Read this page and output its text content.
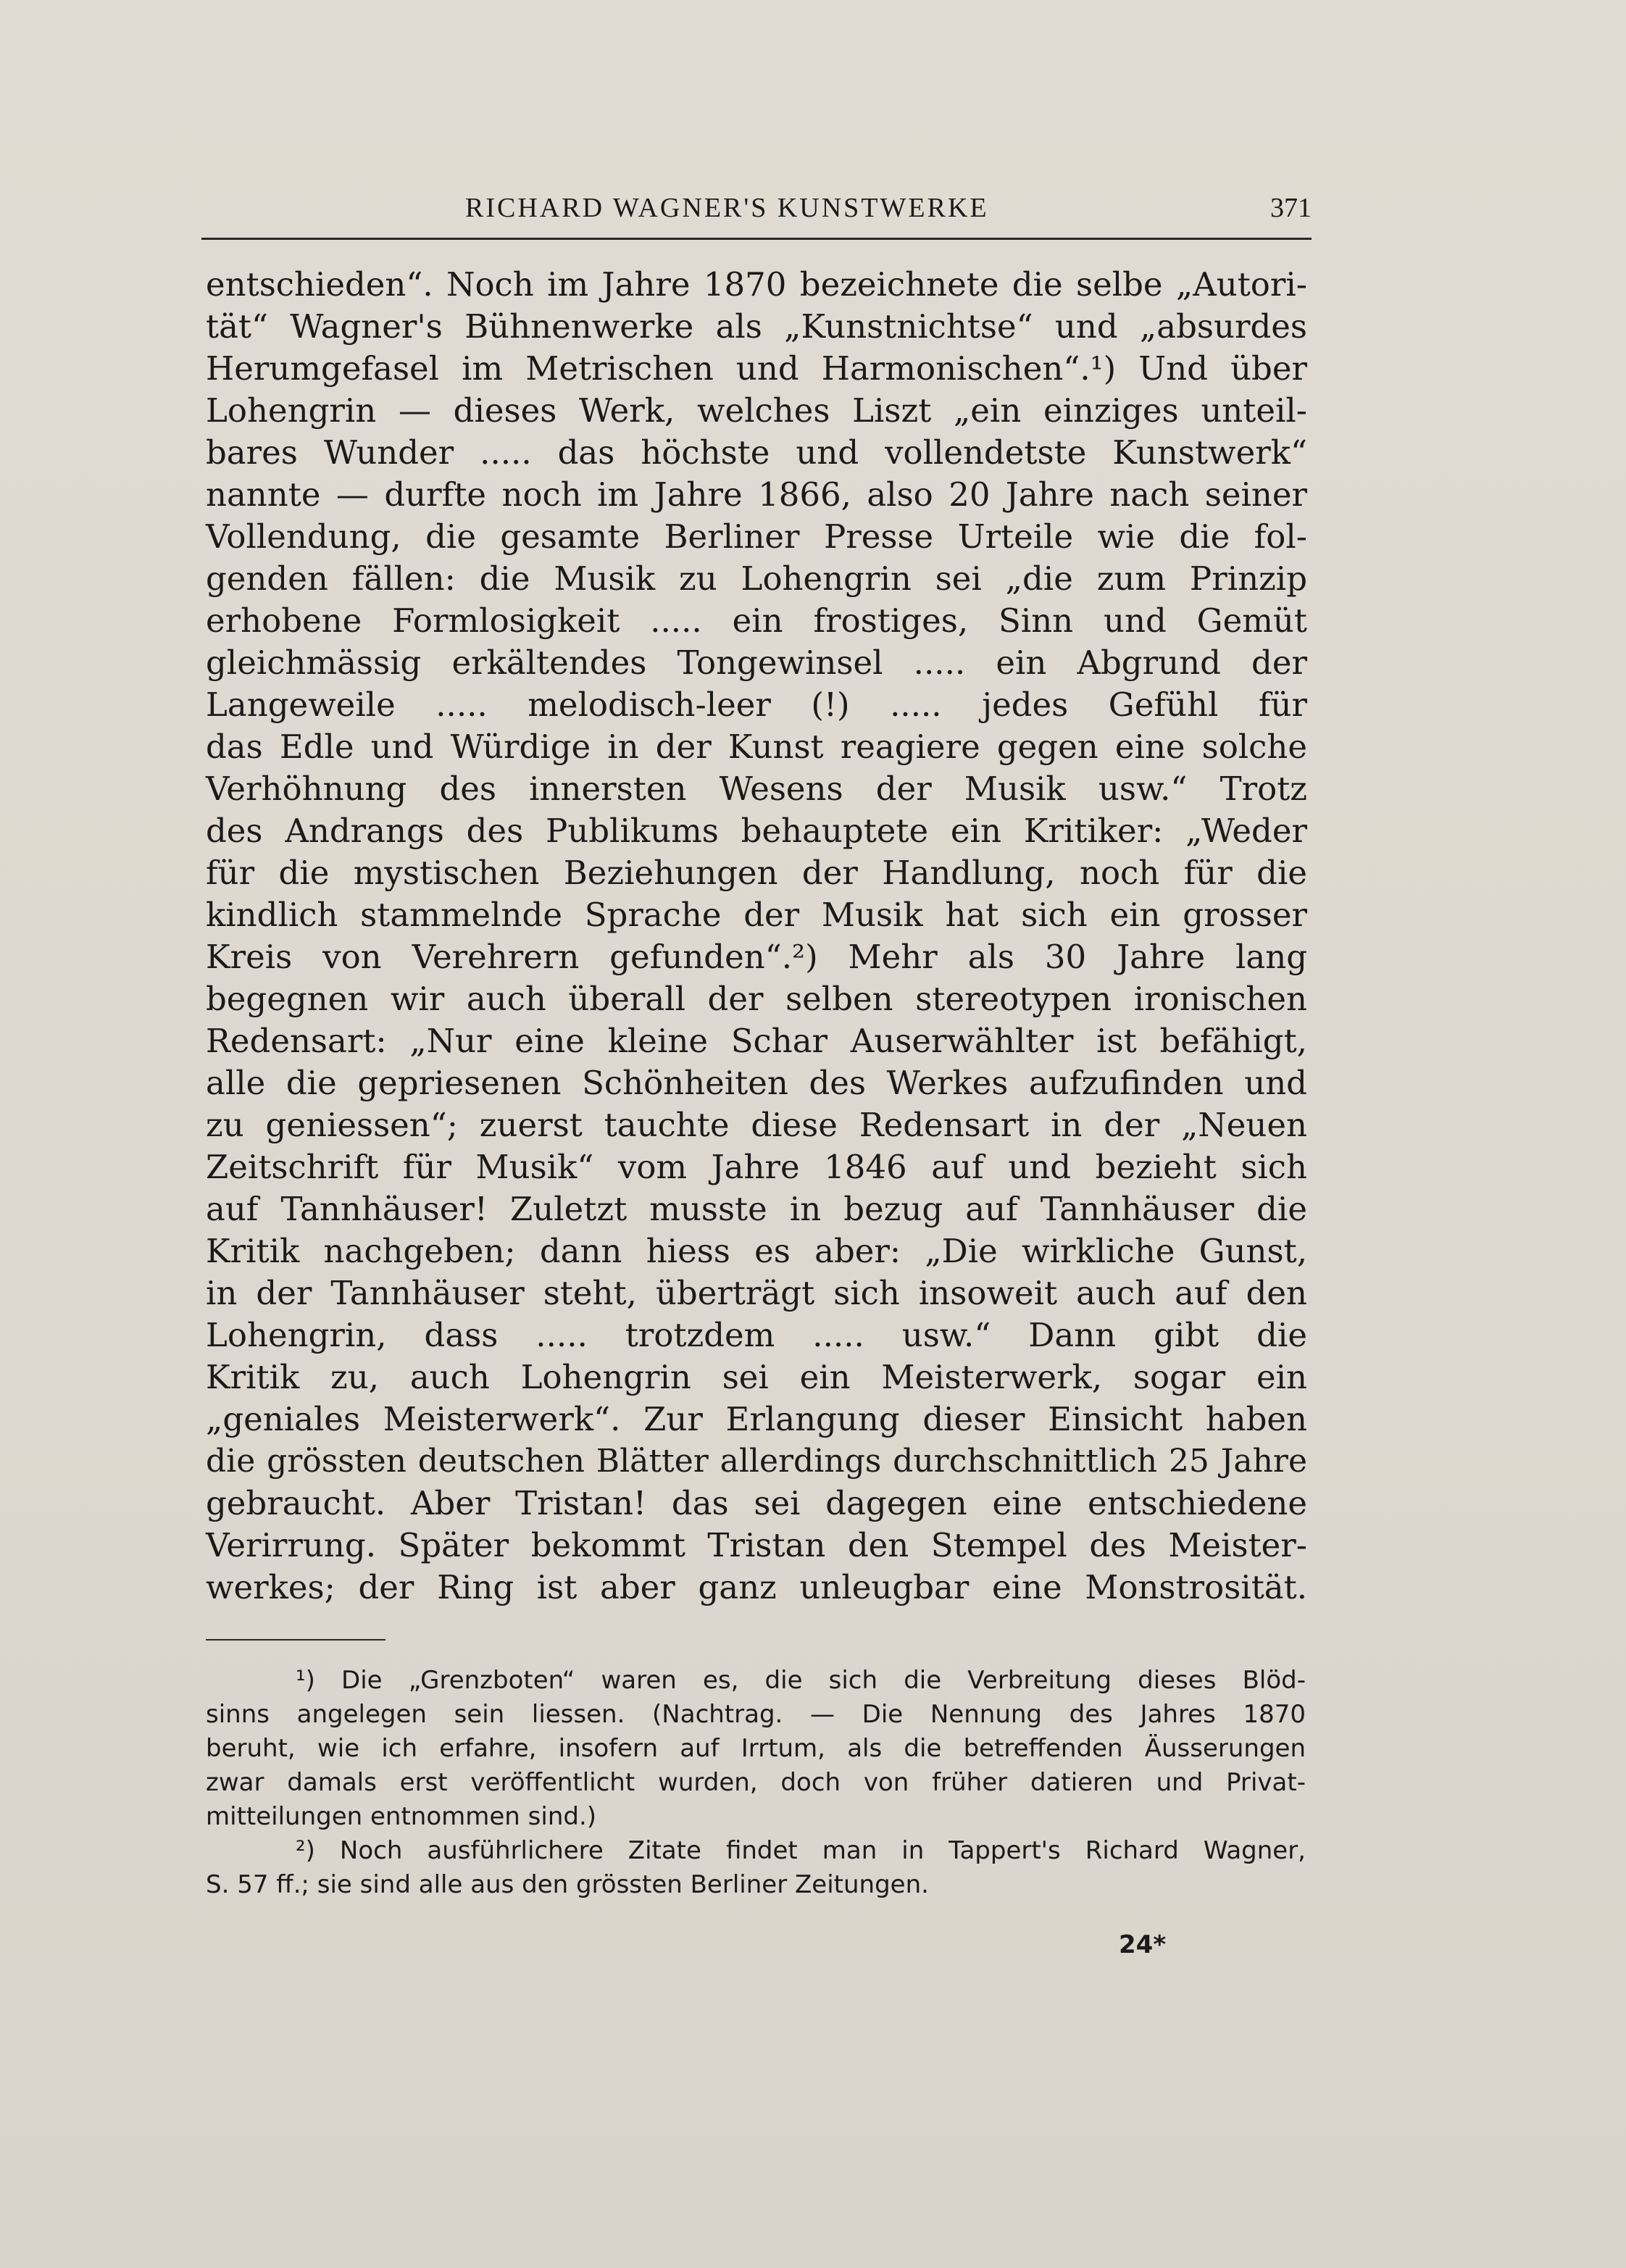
RICHARD WAGNER'S KUNSTWERKE	371
entschieden“. Noch im Jahre 1870 bezeichnete die selbe „Autori-
tät“ Wagner's Bühnenwerke als „Kunstnichtse“ und „absurdes
Herumgefasel im Metrischen und Harmonischen“.¹) Und über
Lohengrin — dieses Werk, welches Liszt „ein einziges unteil-
bares Wunder ..... das höchste und vollendetste Kunstwerk“
nannte — durfte noch im Jahre 1866, also 20 Jahre nach seiner
Vollendung, die gesamte Berliner Presse Urteile wie die fol-
genden fällen: die Musik zu Lohengrin sei „die zum Prinzip
erhobene Formlosigkeit ..... ein frostiges, Sinn und Gemüt
gleichmässig erkältendes Tongewinsel ..... ein Abgrund der
Langeweile ..... melodisch-leer (!) ..... jedes Gefühl für
das Edle und Würdige in der Kunst reagiere gegen eine solche
Verhöhnung des innersten Wesens der Musik usw.“ Trotz
des Andrangs des Publikums behauptete ein Kritiker: „Weder
für die mystischen Beziehungen der Handlung, noch für die
kindlich stammelnde Sprache der Musik hat sich ein grosser
Kreis von Verehrern gefunden“.²) Mehr als 30 Jahre lang
begegnen wir auch überall der selben stereotypen ironischen
Redensart: „Nur eine kleine Schar Auserwählter ist befähigt,
alle die gepriesenen Schönheiten des Werkes aufzufinden und
zu geniessen“; zuerst tauchte diese Redensart in der „Neuen
Zeitschrift für Musik“ vom Jahre 1846 auf und bezieht sich
auf Tannhäuser! Zuletzt musste in bezug auf Tannhäuser die
Kritik nachgeben; dann hiess es aber: „Die wirkliche Gunst,
in der Tannhäuser steht, überträgt sich insoweit auch auf den
Lohengrin, dass ..... trotzdem ..... usw.“ Dann gibt die
Kritik zu, auch Lohengrin sei ein Meisterwerk, sogar ein
„geniales Meisterwerk“. Zur Erlangung dieser Einsicht haben
die grössten deutschen Blätter allerdings durchschnittlich 25 Jahre
gebraucht. Aber Tristan! das sei dagegen eine entschiedene
Verirrung. Später bekommt Tristan den Stempel des Meister-
werkes; der Ring ist aber ganz unleugbar eine Monstrosität.
¹) Die „Grenzboten“ waren es, die sich die Verbreitung dieses Blöd-
sinns angelegen sein liessen. (Nachtrag. — Die Nennung des Jahres 1870
beruht, wie ich erfahre, insofern auf Irrtum, als die betreffenden Äusserungen
zwar damals erst veröffentlicht wurden, doch von früher datieren und Privat-
mitteilungen entnommen sind.)
²) Noch ausführlichere Zitate findet man in Tappert's Richard Wagner,
S. 57 ff.; sie sind alle aus den grössten Berliner Zeitungen.
24*
